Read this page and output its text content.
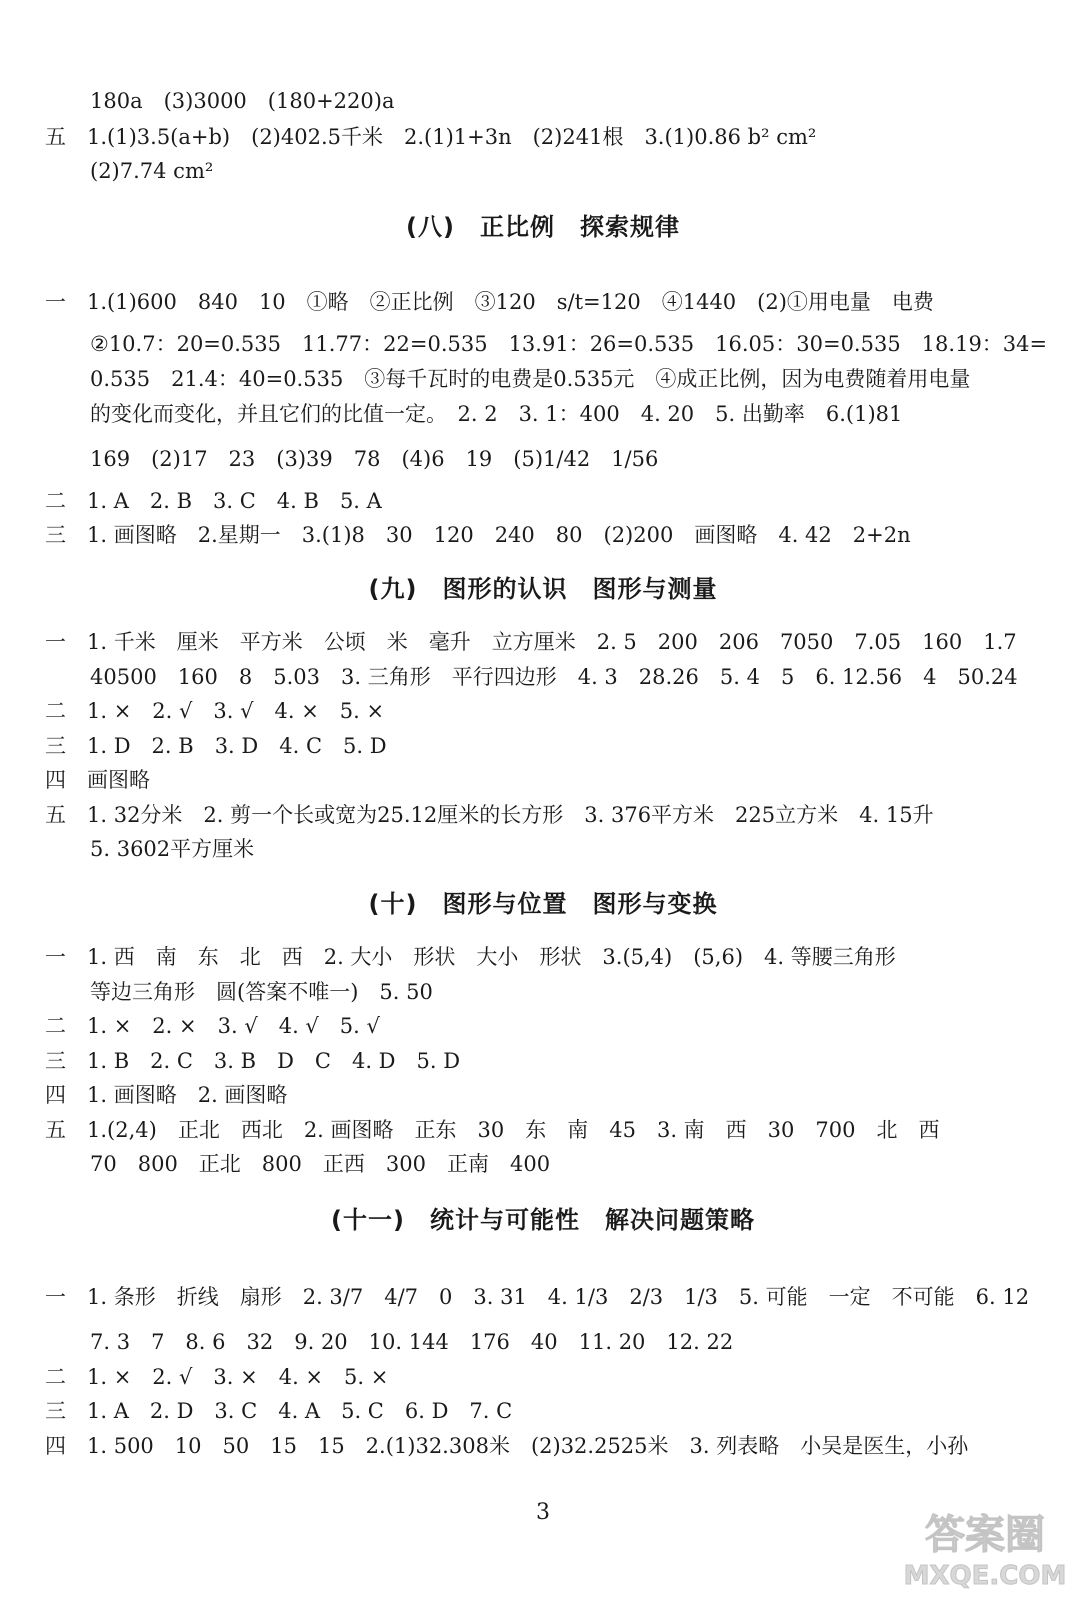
180a　(3)3000　(180+220)a
五　1.(1)3.5(a+b)　(2)402.5千米　2.(1)1+3n　(2)241根　3.(1)0.86 b² cm²
(2)7.74 cm²
(八)　正比例　探索规律
一　1.(1)600　840　10　①略　②正比例　③120　s/t=120　④1440　(2)①用电量　电费
②10.7：20=0.535　11.77：22=0.535　13.91：26=0.535　16.05：30=0.535　18.19：34=
0.535　21.4：40=0.535　③每千瓦时的电费是0.535元　④成正比例，因为电费随着用电量
的变化而变化，并且它们的比值一定。　2. 2　3. 1：400　4. 20　5. 出勤率　6.(1)81
169　(2)17　23　(3)39　78　(4)6　19　(5)1/42　1/56
二　1. A　2. B　3. C　4. B　5. A
三　1. 画图略　2.星期一　3.(1)8　30　120　240　80　(2)200　画图略　4. 42　2+2n
(九)　图形的认识　图形与测量
一　1. 千米　厘米　平方米　公顷　米　毫升　立方厘米　2. 5　200　206　7050　7.05　160　1.7
40500　160　8　5.03　3. 三角形　平行四边形　4. 3　28.26　5. 4　5　6. 12.56　4　50.24
二　1. ×　2. √　3. √　4. ×　5. ×
三　1. D　2. B　3. D　4. C　5. D
四　画图略
五　1. 32分米　2. 剪一个长或宽为25.12厘米的长方形　3. 376平方米　225立方米　4. 15升
5. 3602平方厘米
(十)　图形与位置　图形与变换
一　1. 西　南　东　北　西　2. 大小　形状　大小　形状　3.(5,4)　(5,6)　4. 等腰三角形
等边三角形　圆(答案不唯一)　5. 50
二　1. ×　2. ×　3. √　4. √　5. √
三　1. B　2. C　3. B　D　C　4. D　5. D
四　1. 画图略　2. 画图略
五　1.(2,4)　正北　西北　2. 画图略　正东　30　东　南　45　3. 南　西　30　700　北　西
70　800　正北　800　正西　300　正南　400
(十一)　统计与可能性　解决问题策略
一　1. 条形　折线　扇形　2. 3/7　4/7　0　3. 31　4. 1/3　2/3　1/3　5. 可能　一定　不可能　6. 12
7. 3　7　8. 6　32　9. 20　10. 144　176　40　11. 20　12. 22
二　1. ×　2. √　3. ×　4. ×　5. ×
三　1. A　2. D　3. C　4. A　5. C　6. D　7. C
四　1. 500　10　50　15　15　2.(1)32.308米　(2)32.2525米　3. 列表略　小吴是医生，小孙
3	答案圈
MXQE.COM
